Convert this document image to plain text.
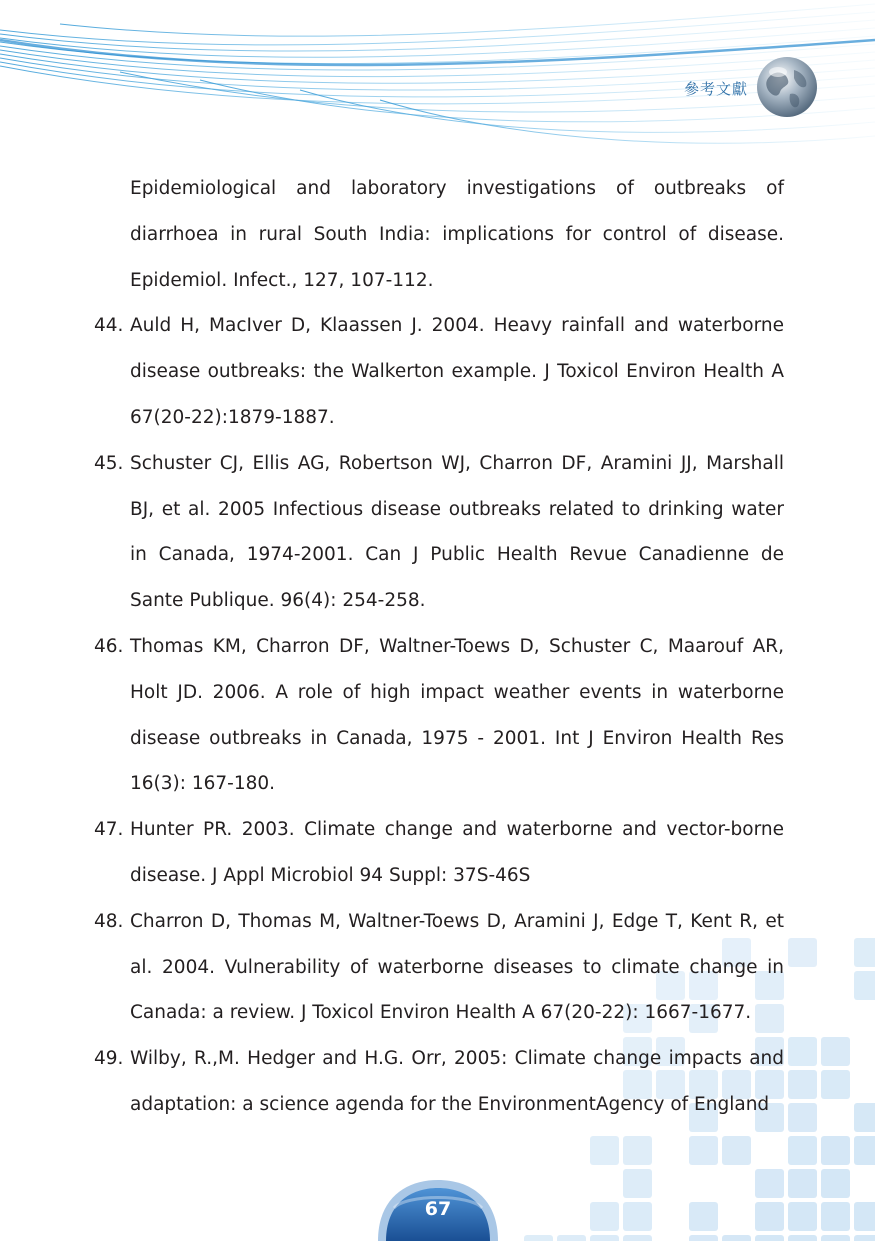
參考文獻
Epidemiological and laboratory investigations of outbreaks of diarrhoea in rural South India: implications for control of disease. Epidemiol. Infect., 127, 107-112.
44. Auld H, MacIver D, Klaassen J. 2004. Heavy rainfall and waterborne disease outbreaks: the Walkerton example. J Toxicol Environ Health A 67(20-22):1879-1887.
45. Schuster CJ, Ellis AG, Robertson WJ, Charron DF, Aramini JJ, Marshall BJ, et al. 2005 Infectious disease outbreaks related to drinking water in Canada, 1974-2001. Can J Public Health Revue Canadienne de Sante Publique. 96(4): 254-258.
46. Thomas KM, Charron DF, Waltner-Toews D, Schuster C, Maarouf AR, Holt JD. 2006. A role of high impact weather events in waterborne disease outbreaks in Canada, 1975 - 2001. Int J Environ Health Res 16(3): 167-180.
47. Hunter PR. 2003. Climate change and waterborne and vector-borne disease. J Appl Microbiol 94 Suppl: 37S-46S
48. Charron D, Thomas M, Waltner-Toews D, Aramini J, Edge T, Kent R, et al. 2004. Vulnerability of waterborne diseases to climate change in Canada: a review. J Toxicol Environ Health A 67(20-22): 1667-1677.
49. Wilby, R.,M. Hedger and H.G. Orr, 2005: Climate change impacts and adaptation: a science agenda for the EnvironmentAgency of England
67
